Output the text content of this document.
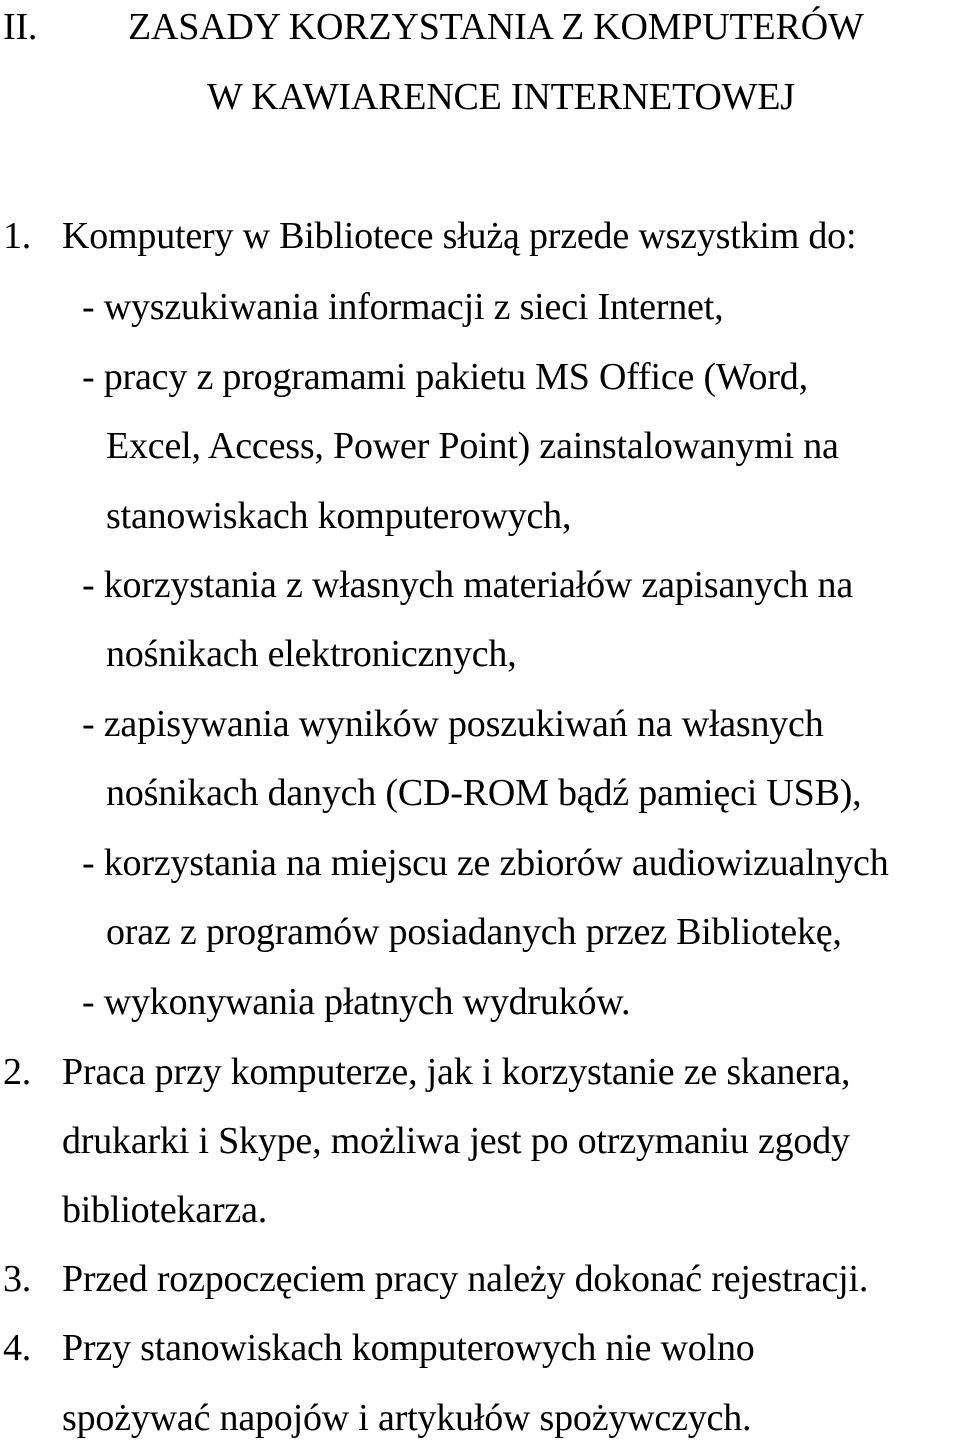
II. ZASADY KORZYSTANIA Z KOMPUTERÓW
W KAWIARENCE INTERNETOWEJ
1. Komputery w Bibliotece służą przede wszystkim do:
- wyszukiwania informacji z sieci Internet,
- pracy z programami pakietu MS Office (Word,
Excel, Access, Power Point) zainstalowanymi na
stanowiskach komputerowych,
- korzystania z własnych materiałów zapisanych na
nośnikach elektronicznych,
- zapisywania wyników poszukiwań na własnych
nośnikach danych (CD-ROM bądź pamięci USB),
- korzystania na miejscu ze zbiorów audiowizualnych
oraz z programów posiadanych przez Bibliotekę,
- wykonywania płatnych wydruków.
2. Praca przy komputerze, jak i korzystanie ze skanera,
drukarki i Skype, możliwa jest po otrzymaniu zgody
bibliotekarza.
3. Przed rozpoczęciem pracy należy dokonać rejestracji.
4. Przy stanowiskach komputerowych nie wolno
spożywać napojów i artykułów spożywczych.
